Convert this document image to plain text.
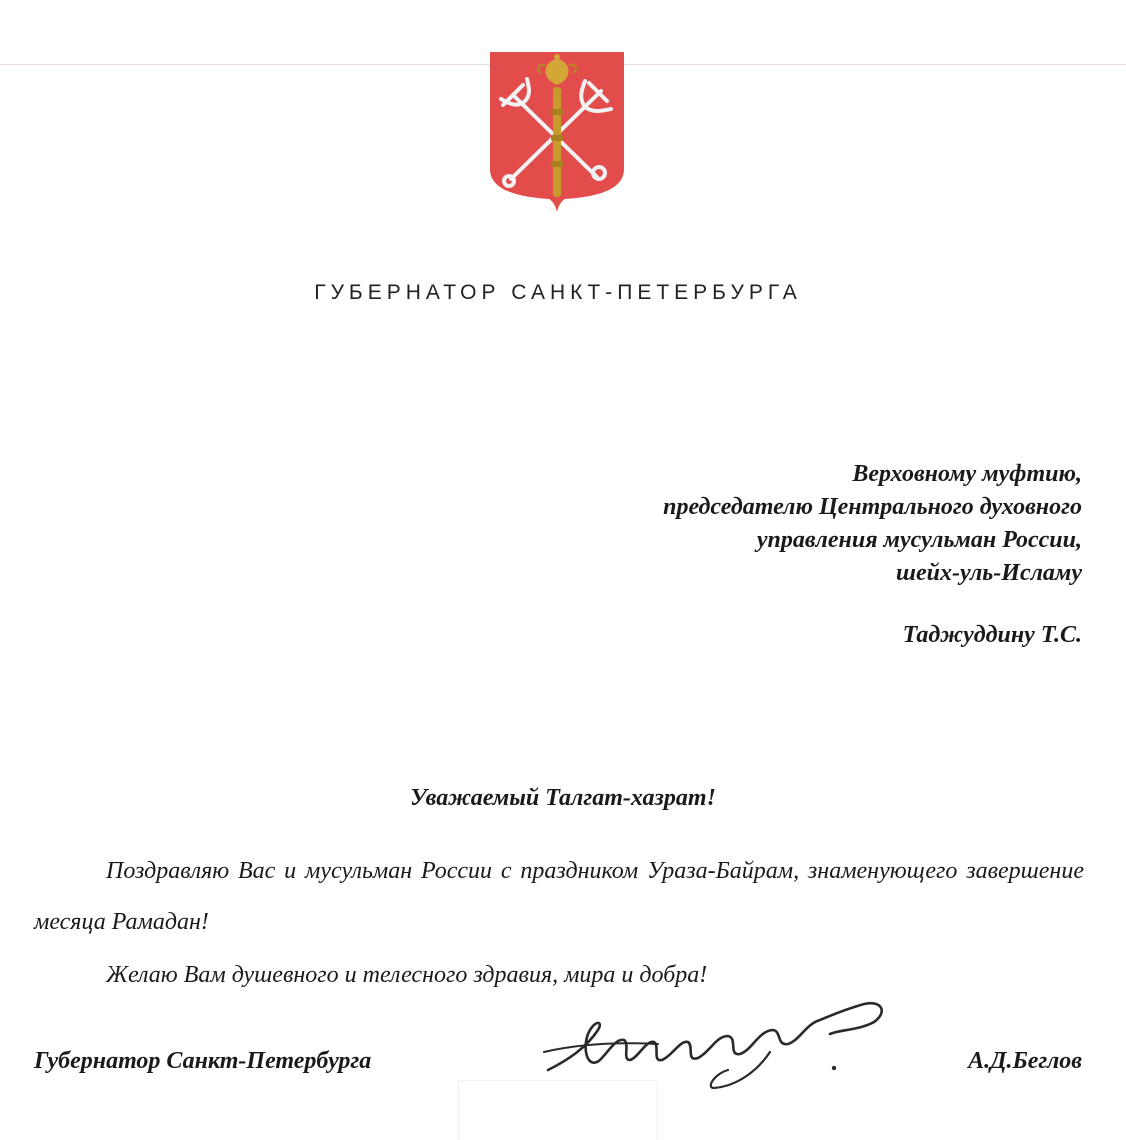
ГУБЕРНАТОР САНКТ-ПЕТЕРБУРГА
Верховному муфтию,
председателю Центрального духовного
управления мусульман России,
шейх-уль-Исламу
Таджуддину Т.С.
Уважаемый Талгат-хазрат!

Поздравляю Вас и мусульман России с праздником Ураза-Байрам, знаменующего завершение месяца Рамадан!

Желаю Вам душевного и телесного здравия, мира и добра!

Губернатор Санкт-Петербурга	А.Д.Беглов
